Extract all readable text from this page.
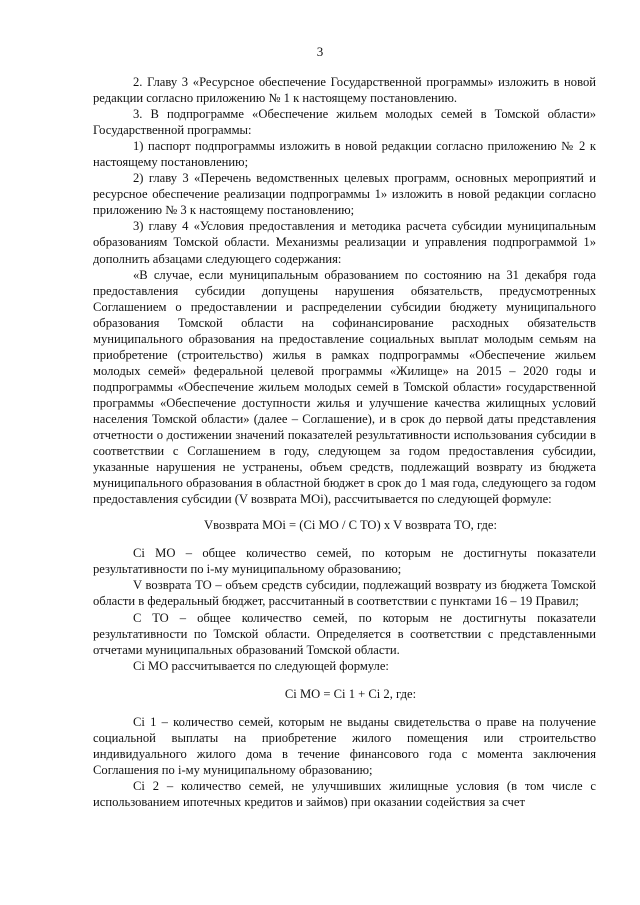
3

2. Главу 3 «Ресурсное обеспечение Государственной программы» изложить в новой редакции согласно приложению № 1 к настоящему постановлению.

3. В подпрограмме «Обеспечение жильем молодых семей в Томской области» Государственной программы:

1) паспорт подпрограммы изложить в новой редакции согласно приложению № 2 к настоящему постановлению;

2) главу 3 «Перечень ведомственных целевых программ, основных мероприятий и ресурсное обеспечение реализации подпрограммы 1» изложить в новой редакции согласно приложению № 3 к настоящему постановлению;

3) главу 4 «Условия предоставления и методика расчета субсидии муниципальным образованиям Томской области. Механизмы реализации и управления подпрограммой 1» дополнить абзацами следующего содержания:

«В случае, если муниципальным образованием по состоянию на 31 декабря года предоставления субсидии допущены нарушения обязательств, предусмотренных Соглашением о предоставлении и распределении субсидии бюджету муниципального образования Томской области на софинансирование расходных обязательств муниципального образования на предоставление социальных выплат молодым семьям на приобретение (строительство) жилья в рамках подпрограммы «Обеспечение жильем молодых семей» федеральной целевой программы «Жилище» на 2015 – 2020 годы и подпрограммы «Обеспечение жильем молодых семей в Томской области» государственной программы «Обеспечение доступности жилья и улучшение качества жилищных условий населения Томской области» (далее – Соглашение), и в срок до первой даты представления отчетности о достижении значений показателей результативности использования субсидии в соответствии с Соглашением в году, следующем за годом предоставления субсидии, указанные нарушения не устранены, объем средств, подлежащий возврату из бюджета муниципального образования в областной бюджет в срок до 1 мая года, следующего за годом предоставления субсидии (V возврата MOi), рассчитывается по следующей формуле:

Vвозврата MOi = (Ci MO / C TO) x V возврата TO, где:

Ci MO – общее количество семей, по которым не достигнуты показатели результативности по i-му муниципальному образованию;

V возврата TO – объем средств субсидии, подлежащий возврату из бюджета Томской области в федеральный бюджет, рассчитанный в соответствии с пунктами 16 – 19 Правил;

C TO – общее количество семей, по которым не достигнуты показатели результативности по Томской области. Определяется в соответствии с представленными отчетами муниципальных образований Томской области.

Ci MO рассчитывается по следующей формуле:

Ci MO = Ci 1 + Ci 2, где:

Ci 1 – количество семей, которым не выданы свидетельства о праве на получение социальной выплаты на приобретение жилого помещения или строительство индивидуального жилого дома в течение финансового года с момента заключения Соглашения по i-му муниципальному образованию;

Ci 2 – количество семей, не улучшивших жилищные условия (в том числе с использованием ипотечных кредитов и займов) при оказании содействия за счет
